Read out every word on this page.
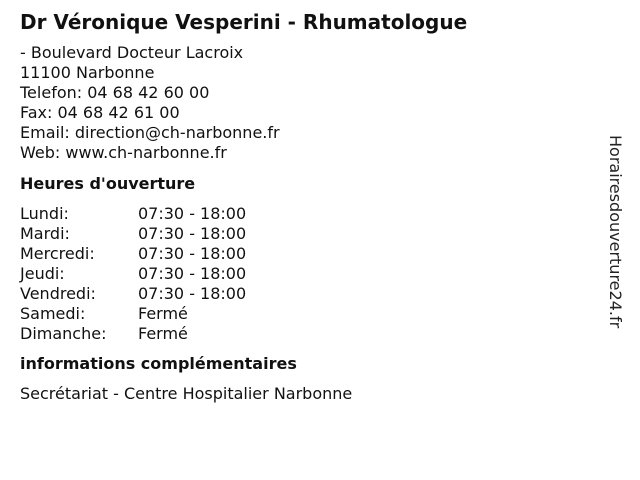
Dr Véronique Vesperini - Rhumatologue
- Boulevard Docteur Lacroix
11100 Narbonne
Telefon: 04 68 42 60 00
Fax: 04 68 42 61 00
Email: direction@ch-narbonne.fr
Web: www.ch-narbonne.fr
Heures d'ouverture
Lundi:	07:30 - 18:00
Mardi:	07:30 - 18:00
Mercredi:	07:30 - 18:00
Jeudi:	07:30 - 18:00
Vendredi:	07:30 - 18:00
Samedi:	Fermé
Dimanche:	Fermé
informations complémentaires
Secrétariat - Centre Hospitalier Narbonne
Horairesdouverture24.fr
